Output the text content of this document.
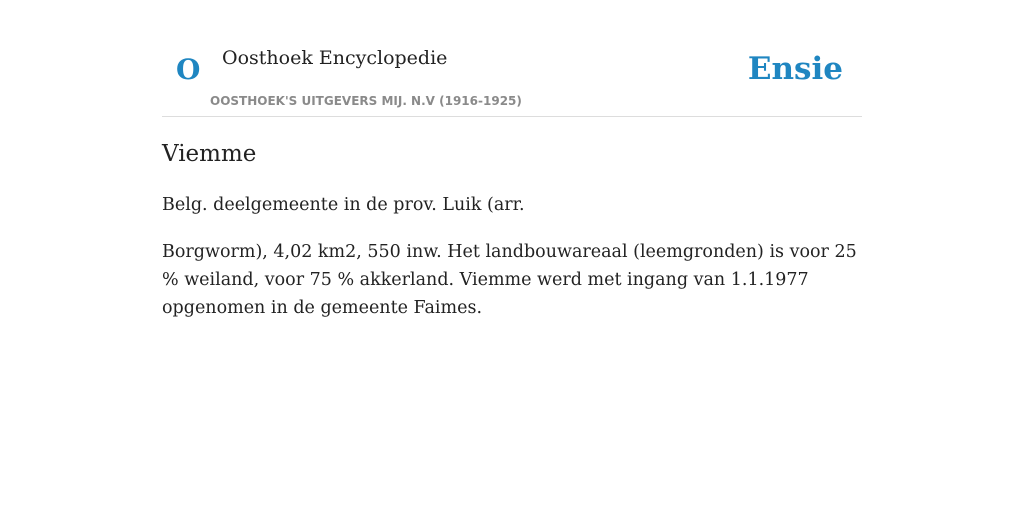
O Oosthoek Encyclopedie
OOSTHOEK'S UITGEVERS MIJ. N.V (1916-1925)
Ensie
Viemme

Belg. deelgemeente in de prov. Luik (arr.

Borgworm), 4,02 km2, 550 inw. Het landbouwareaal (leemgronden) is voor 25 % weiland, voor 75 % akkerland. Viemme werd met ingang van 1.1.1977 opgenomen in de gemeente Faimes.
